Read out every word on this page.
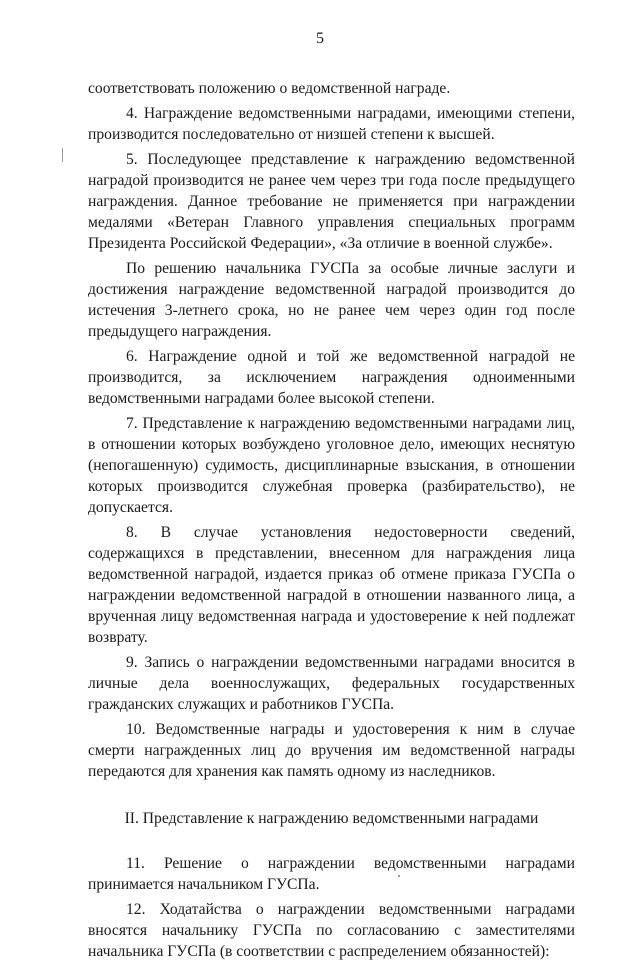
5

соответствовать положению о ведомственной награде.

4. Награждение ведомственными наградами, имеющими степени, производится последовательно от низшей степени к высшей.

5. Последующее представление к награждению ведомственной наградой производится не ранее чем через три года после предыдущего награждения. Данное требование не применяется при награждении медалями «Ветеран Главного управления специальных программ Президента Российской Федерации», «За отличие в военной службе».

По решению начальника ГУСПа за особые личные заслуги и достижения награждение ведомственной наградой производится до истечения 3-летнего срока, но не ранее чем через один год после предыдущего награждения.

6. Награждение одной и той же ведомственной наградой не производится, за исключением награждения одноименными ведомственными наградами более высокой степени.

7. Представление к награждению ведомственными наградами лиц, в отношении которых возбуждено уголовное дело, имеющих неснятую (непогашенную) судимость, дисциплинарные взыскания, в отношении которых производится служебная проверка (разбирательство), не допускается.

8. В случае установления недостоверности сведений, содержащихся в представлении, внесенном для награждения лица ведомственной наградой, издается приказ об отмене приказа ГУСПа о награждении ведомственной наградой в отношении названного лица, а врученная лицу ведомственная награда и удостоверение к ней подлежат возврату.

9. Запись о награждении ведомственными наградами вносится в личные дела военнослужащих, федеральных государственных гражданских служащих и работников ГУСПа.

10. Ведомственные награды и удостоверения к ним в случае смерти награжденных лиц до вручения им ведомственной награды передаются для хранения как память одному из наследников.

II. Представление к награждению ведомственными наградами

11. Решение о награждении ведомственными наградами принимается начальником ГУСПа.

12. Ходатайства о награждении ведомственными наградами вносятся начальнику ГУСПа по согласованию с заместителями начальника ГУСПа (в соответствии с распределением обязанностей):
